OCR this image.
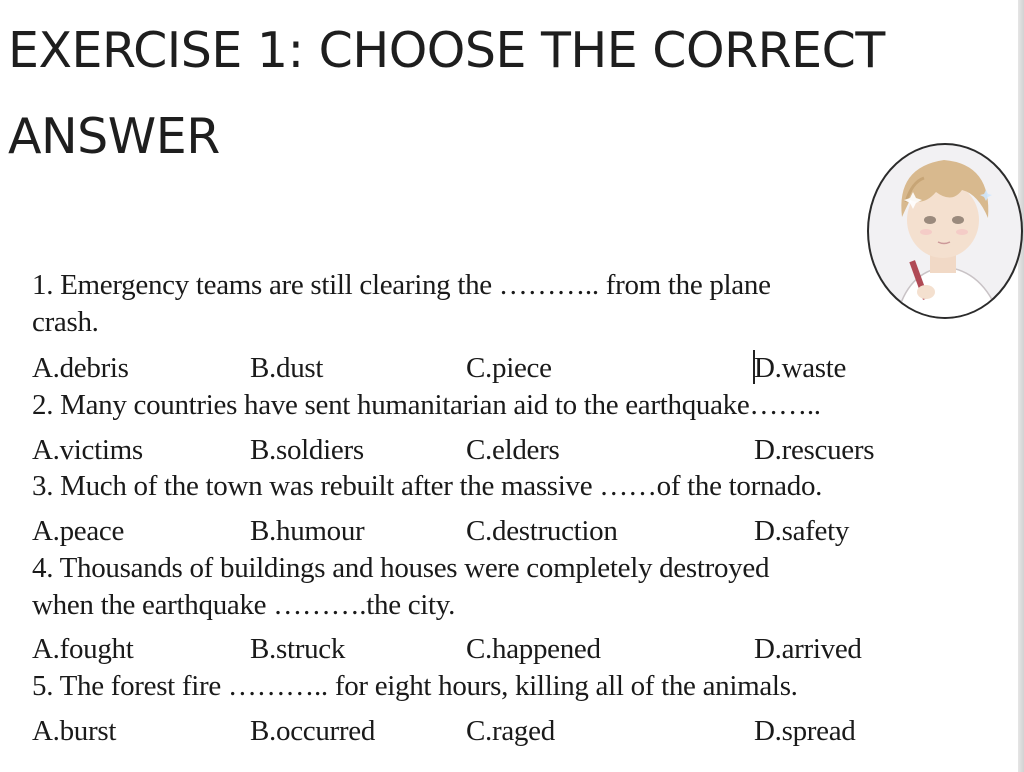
EXERCISE 1: CHOOSE THE CORRECT ANSWER

1. Emergency teams are still clearing the ……….. from the plane

crash.

A.debris	B.dust	C.piece	D.waste

2. Many countries have sent humanitarian aid to the earthquake……..

A.victims	B.soldiers	C.elders	D.rescuers

3. Much of the town was rebuilt after the massive ……of the tornado.

A.peace	B.humour	C.destruction	D.safety

4. Thousands of buildings and houses were completely destroyed

when the earthquake ……….the city.

A.fought	B.struck	C.happened	D.arrived

5. The forest fire ……….. for eight hours, killing all of the animals.

A.burst	B.occurred	C.raged	D.spread
